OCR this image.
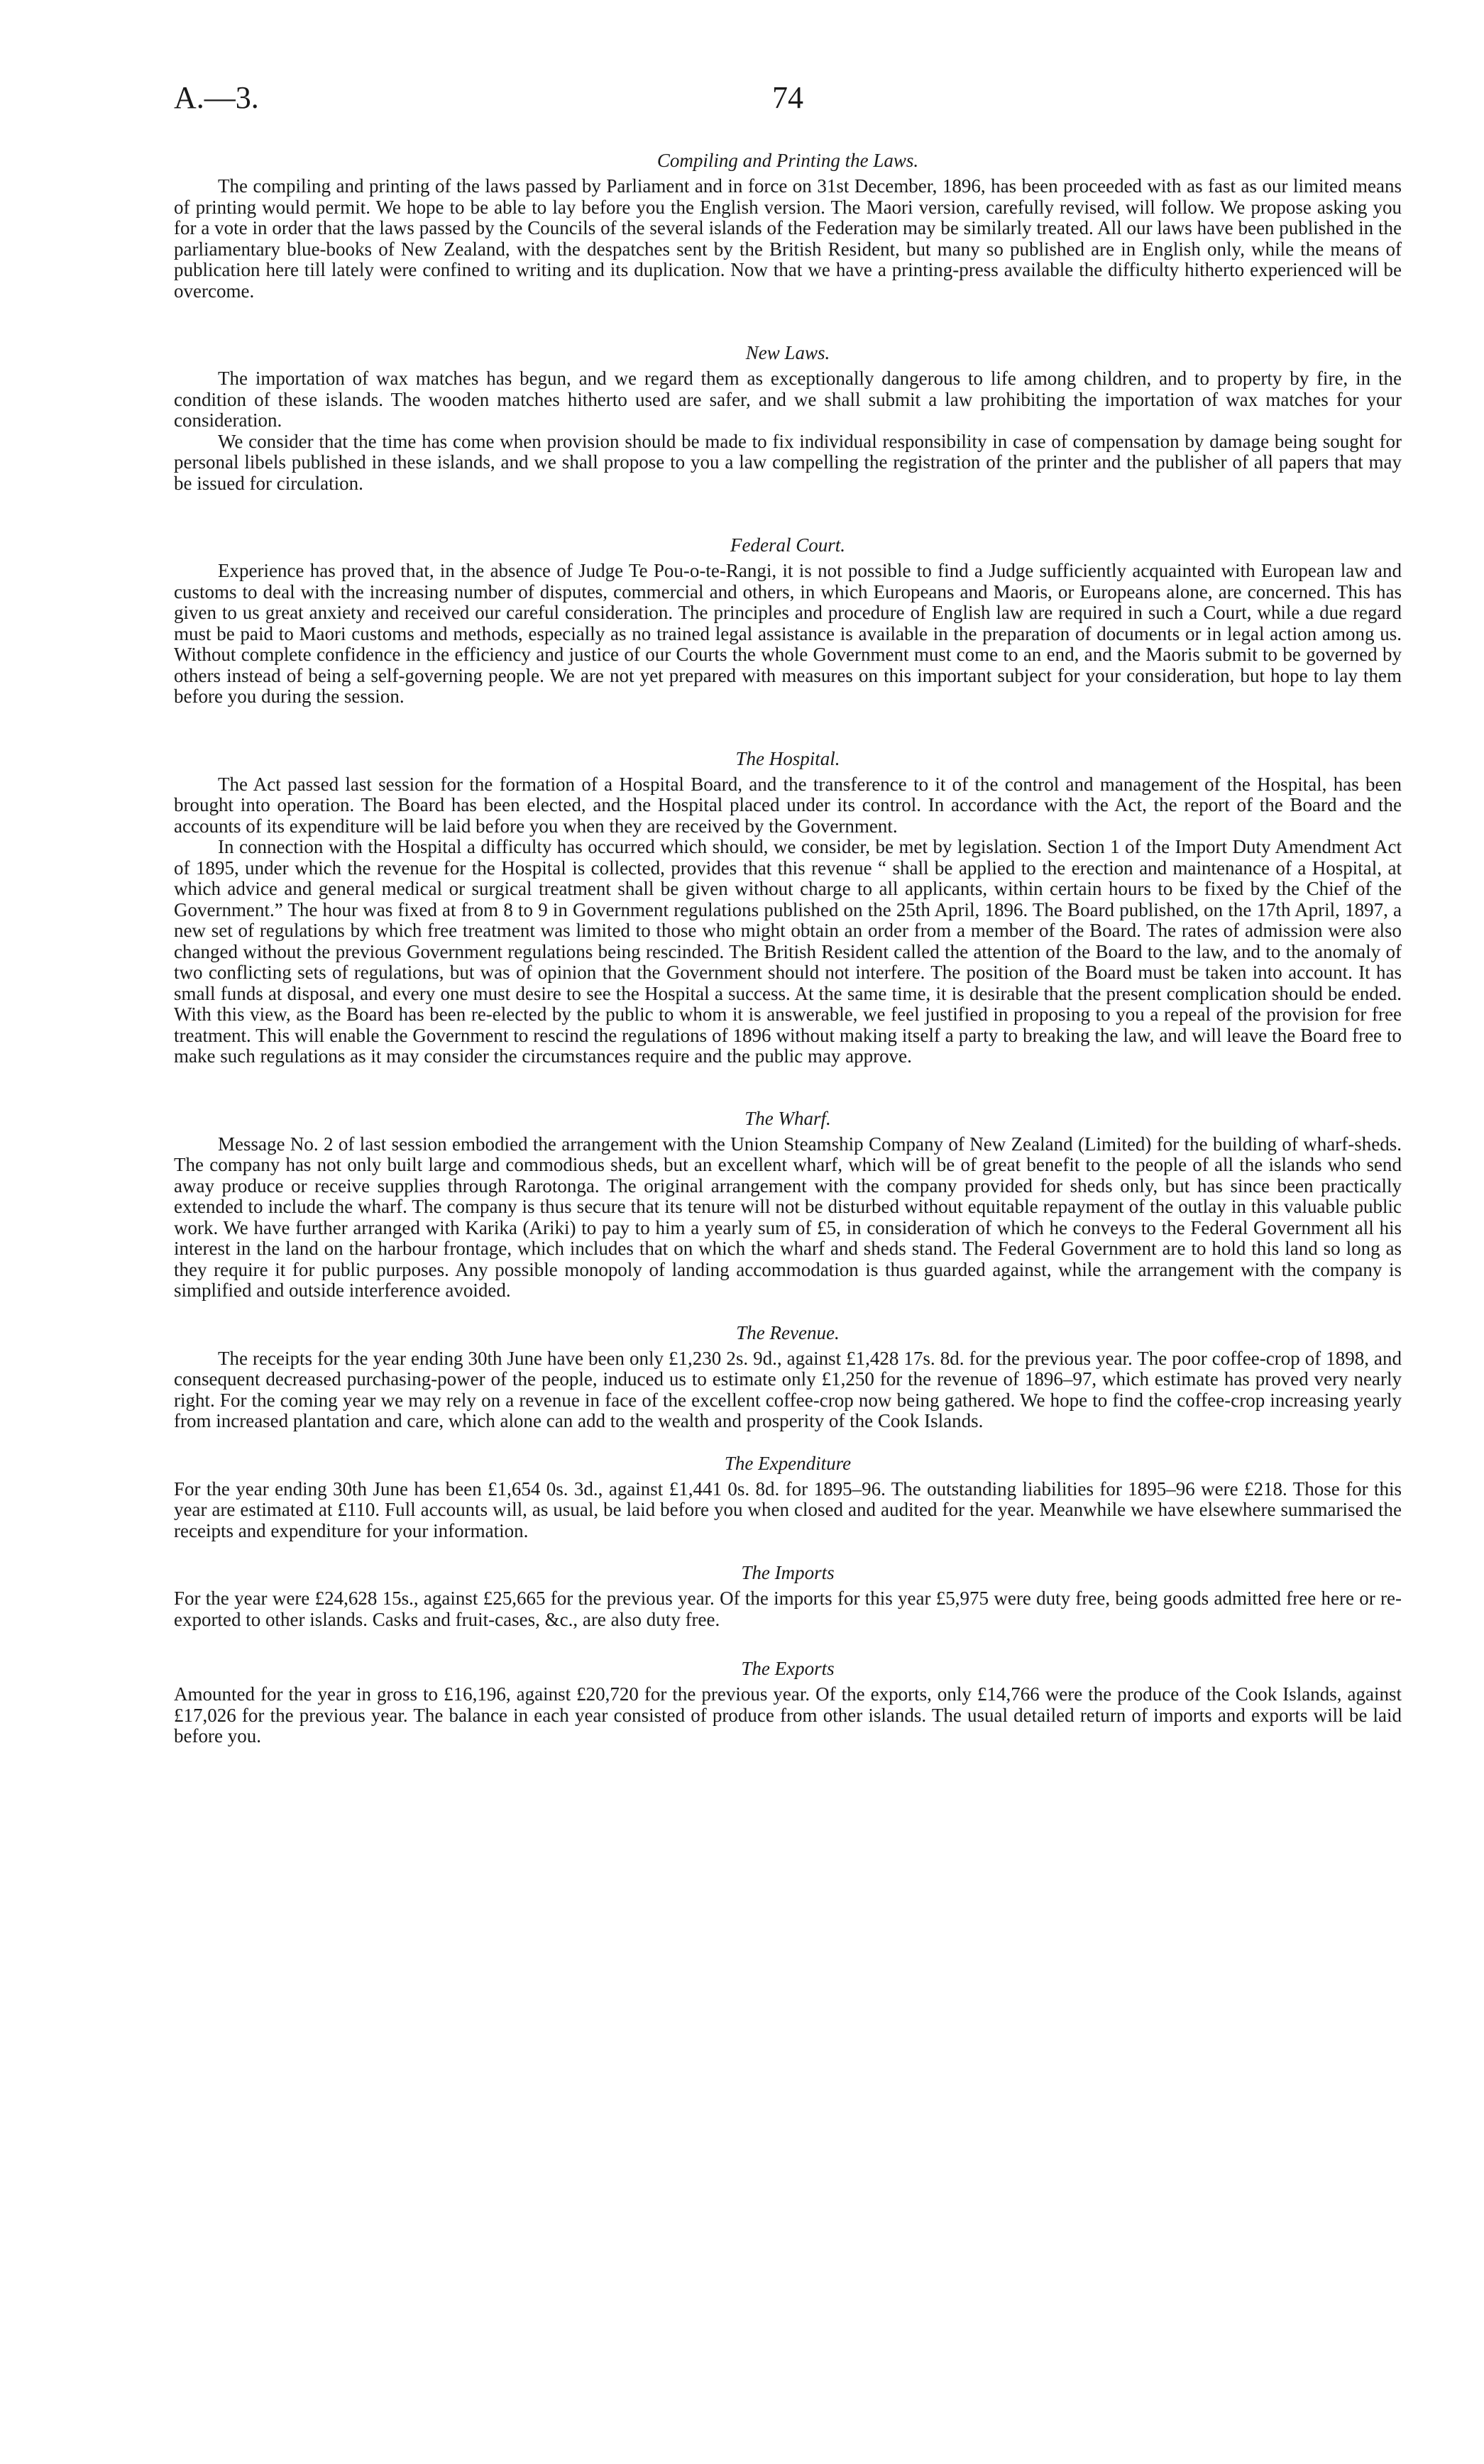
A.—3.	74
Compiling and Printing the Laws.

The compiling and printing of the laws passed by Parliament and in force on 31st December, 1896, has been proceeded with as fast as our limited means of printing would permit. We hope to be able to lay before you the English version. The Maori version, carefully revised, will follow. We propose asking you for a vote in order that the laws passed by the Councils of the several islands of the Federation may be similarly treated. All our laws have been published in the parliamentary blue-books of New Zealand, with the despatches sent by the British Resident, but many so published are in English only, while the means of publication here till lately were confined to writing and its duplication. Now that we have a printing-press available the difficulty hitherto experienced will be overcome.

New Laws.

The importation of wax matches has begun, and we regard them as exceptionally dangerous to life among children, and to property by fire, in the condition of these islands. The wooden matches hitherto used are safer, and we shall submit a law prohibiting the importation of wax matches for your consideration.

We consider that the time has come when provision should be made to fix individual responsibility in case of compensation by damage being sought for personal libels published in these islands, and we shall propose to you a law compelling the registration of the printer and the publisher of all papers that may be issued for circulation.

Federal Court.

Experience has proved that, in the absence of Judge Te Pou-o-te-Rangi, it is not possible to find a Judge sufficiently acquainted with European law and customs to deal with the increasing number of disputes, commercial and others, in which Europeans and Maoris, or Europeans alone, are concerned. This has given to us great anxiety and received our careful consideration. The principles and procedure of English law are required in such a Court, while a due regard must be paid to Maori customs and methods, especially as no trained legal assistance is available in the preparation of documents or in legal action among us. Without complete confidence in the efficiency and justice of our Courts the whole Government must come to an end, and the Maoris submit to be governed by others instead of being a self-governing people. We are not yet prepared with measures on this important subject for your consideration, but hope to lay them before you during the session.

The Hospital.

The Act passed last session for the formation of a Hospital Board, and the transference to it of the control and management of the Hospital, has been brought into operation. The Board has been elected, and the Hospital placed under its control. In accordance with the Act, the report of the Board and the accounts of its expenditure will be laid before you when they are received by the Government.

In connection with the Hospital a difficulty has occurred which should, we consider, be met by legislation. Section 1 of the Import Duty Amendment Act of 1895, under which the revenue for the Hospital is collected, provides that this revenue “ shall be applied to the erection and maintenance of a Hospital, at which advice and general medical or surgical treatment shall be given without charge to all applicants, within certain hours to be fixed by the Chief of the Government.” The hour was fixed at from 8 to 9 in Government regulations published on the 25th April, 1896. The Board published, on the 17th April, 1897, a new set of regulations by which free treatment was limited to those who might obtain an order from a member of the Board. The rates of admission were also changed without the previous Government regulations being rescinded. The British Resident called the attention of the Board to the law, and to the anomaly of two conflicting sets of regulations, but was of opinion that the Government should not interfere. The position of the Board must be taken into account. It has small funds at disposal, and every one must desire to see the Hospital a success. At the same time, it is desirable that the present complication should be ended. With this view, as the Board has been re-elected by the public to whom it is answerable, we feel justified in proposing to you a repeal of the provision for free treatment. This will enable the Government to rescind the regulations of 1896 without making itself a party to breaking the law, and will leave the Board free to make such regulations as it may consider the circumstances require and the public may approve.

The Wharf.

Message No. 2 of last session embodied the arrangement with the Union Steamship Company of New Zealand (Limited) for the building of wharf-sheds. The company has not only built large and commodious sheds, but an excellent wharf, which will be of great benefit to the people of all the islands who send away produce or receive supplies through Rarotonga. The original arrangement with the company provided for sheds only, but has since been practically extended to include the wharf. The company is thus secure that its tenure will not be disturbed without equitable repayment of the outlay in this valuable public work. We have further arranged with Karika (Ariki) to pay to him a yearly sum of £5, in consideration of which he conveys to the Federal Government all his interest in the land on the harbour frontage, which includes that on which the wharf and sheds stand. The Federal Government are to hold this land so long as they require it for public purposes. Any possible monopoly of landing accommodation is thus guarded against, while the arrangement with the company is simplified and outside interference avoided.

The Revenue.

The receipts for the year ending 30th June have been only £1,230 2s. 9d., against £1,428 17s. 8d. for the previous year. The poor coffee-crop of 1898, and consequent decreased purchasing-power of the people, induced us to estimate only £1,250 for the revenue of 1896–97, which estimate has proved very nearly right. For the coming year we may rely on a revenue in face of the excellent coffee-crop now being gathered. We hope to find the coffee-crop increasing yearly from increased plantation and care, which alone can add to the wealth and prosperity of the Cook Islands.

The Expenditure

For the year ending 30th June has been £1,654 0s. 3d., against £1,441 0s. 8d. for 1895–96. The outstanding liabilities for 1895–96 were £218. Those for this year are estimated at £110. Full accounts will, as usual, be laid before you when closed and audited for the year. Meanwhile we have elsewhere summarised the receipts and expenditure for your information.

The Imports

For the year were £24,628 15s., against £25,665 for the previous year. Of the imports for this year £5,975 were duty free, being goods admitted free here or re-exported to other islands. Casks and fruit-cases, &c., are also duty free.

The Exports

Amounted for the year in gross to £16,196, against £20,720 for the previous year. Of the exports, only £14,766 were the produce of the Cook Islands, against £17,026 for the previous year. The balance in each year consisted of produce from other islands. The usual detailed return of imports and exports will be laid before you.
